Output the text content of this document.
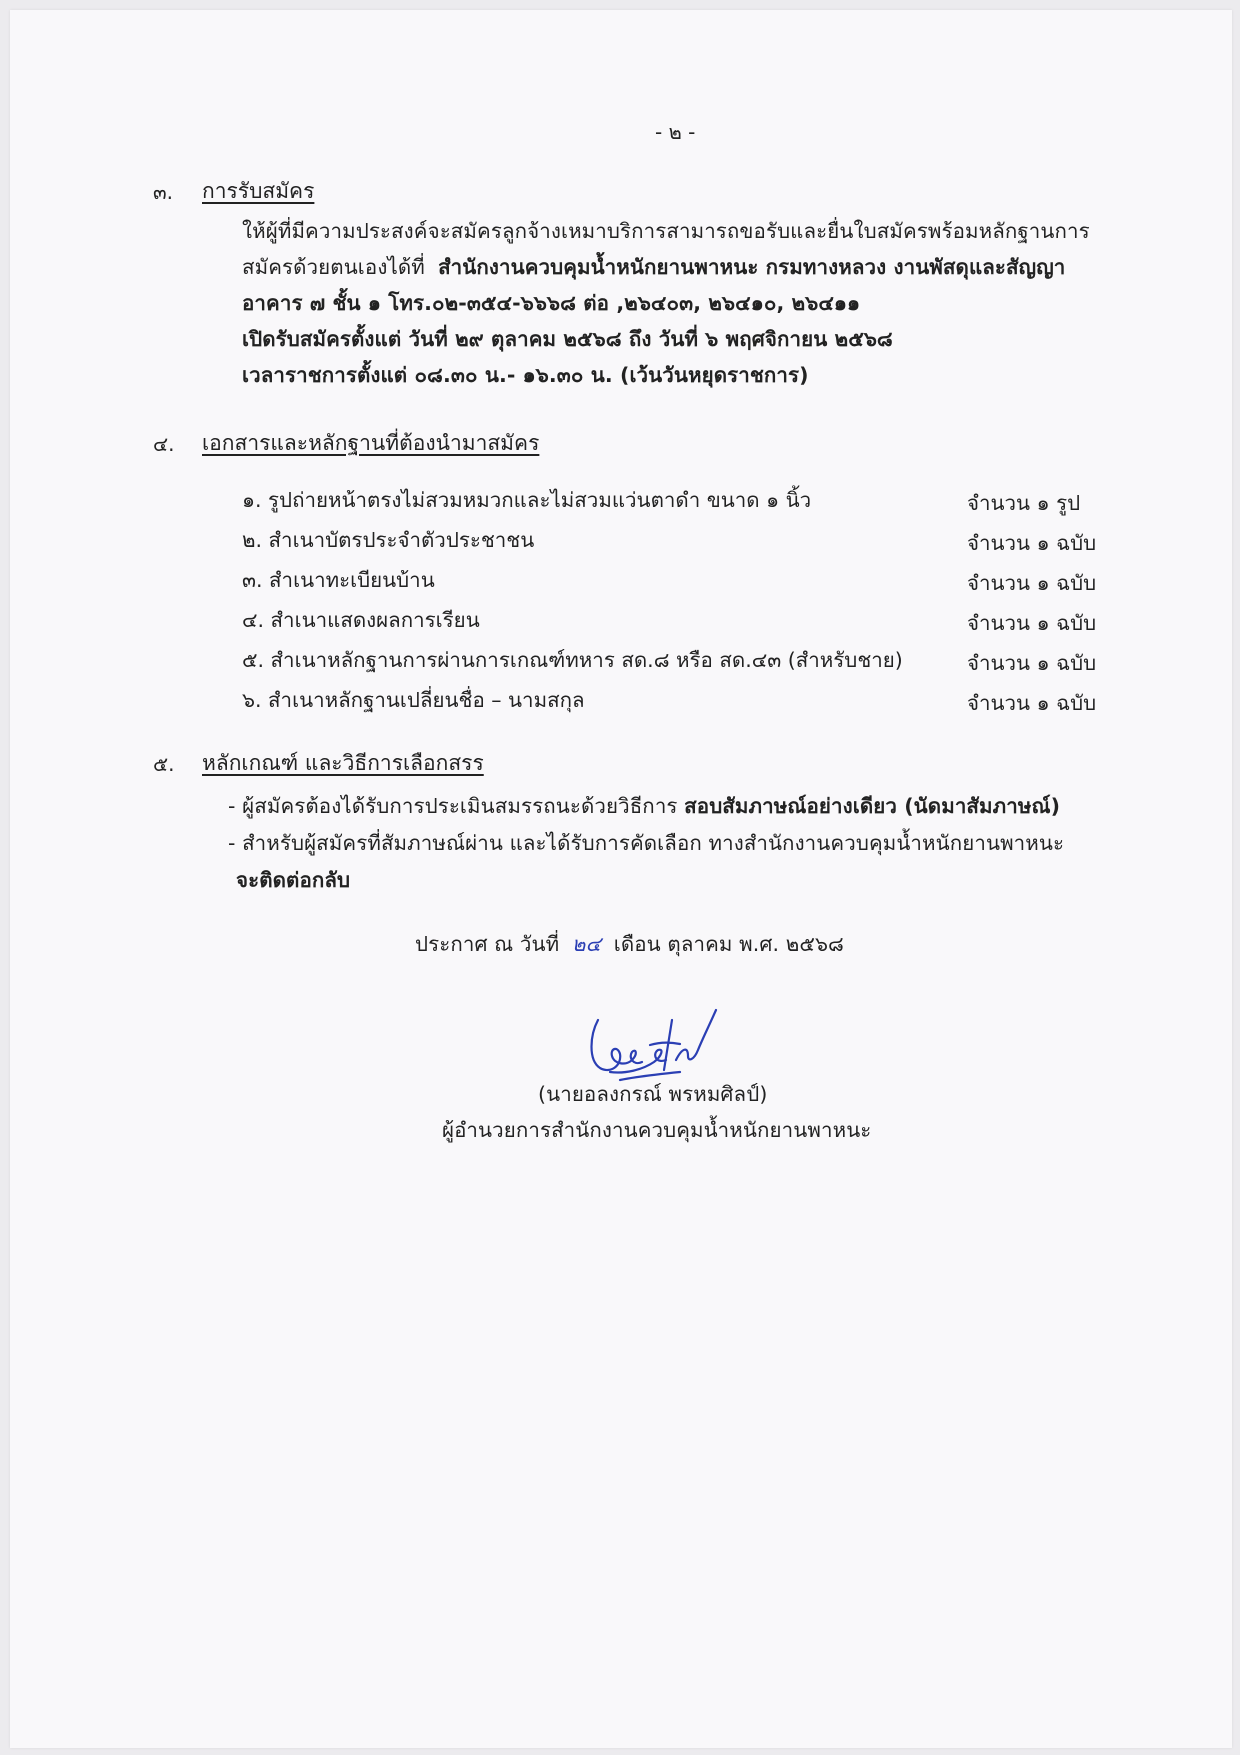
- ๒ -
๓. การรับสมัคร
ให้ผู้ที่มีความประสงค์จะสมัครลูกจ้างเหมาบริการสามารถขอรับและยื่นใบสมัครพร้อมหลักฐานการ
สมัครด้วยตนเองได้ที่ สำนักงานควบคุมน้ำหนักยานพาหนะ กรมทางหลวง งานพัสดุและสัญญา
อาคาร ๗ ชั้น ๑ โทร.๐๒-๓๕๔-๖๖๖๘ ต่อ ,๒๖๔๐๓, ๒๖๔๑๐, ๒๖๔๑๑
เปิดรับสมัครตั้งแต่ วันที่ ๒๙ ตุลาคม ๒๕๖๘ ถึง วันที่ ๖ พฤศจิกายน ๒๕๖๘
เวลาราชการตั้งแต่ ๐๘.๓๐ น.- ๑๖.๓๐ น. (เว้นวันหยุดราชการ)
๔. เอกสารและหลักฐานที่ต้องนำมาสมัคร
๑. รูปถ่ายหน้าตรงไม่สวมหมวกและไม่สวมแว่นตาดำ ขนาด ๑ นิ้ว	จำนวน ๑ รูป
๒. สำเนาบัตรประจำตัวประชาชน	จำนวน ๑ ฉบับ
๓. สำเนาทะเบียนบ้าน	จำนวน ๑ ฉบับ
๔. สำเนาแสดงผลการเรียน	จำนวน ๑ ฉบับ
๕. สำเนาหลักฐานการผ่านการเกณฑ์ทหาร สด.๘ หรือ สด.๔๓ (สำหรับชาย)	จำนวน ๑ ฉบับ
๖. สำเนาหลักฐานเปลี่ยนชื่อ – นามสกุล	จำนวน ๑ ฉบับ
๕. หลักเกณฑ์ และวิธีการเลือกสรร
- ผู้สมัครต้องได้รับการประเมินสมรรถนะด้วยวิธีการ สอบสัมภาษณ์อย่างเดียว (นัดมาสัมภาษณ์)
- สำหรับผู้สมัครที่สัมภาษณ์ผ่าน และได้รับการคัดเลือก ทางสำนักงานควบคุมน้ำหนักยานพาหนะ
จะติดต่อกลับ
ประกาศ ณ วันที่ ๒๔ เดือน ตุลาคม พ.ศ. ๒๕๖๘
(นายอลงกรณ์ พรหมศิลป์)
ผู้อำนวยการสำนักงานควบคุมน้ำหนักยานพาหนะ
